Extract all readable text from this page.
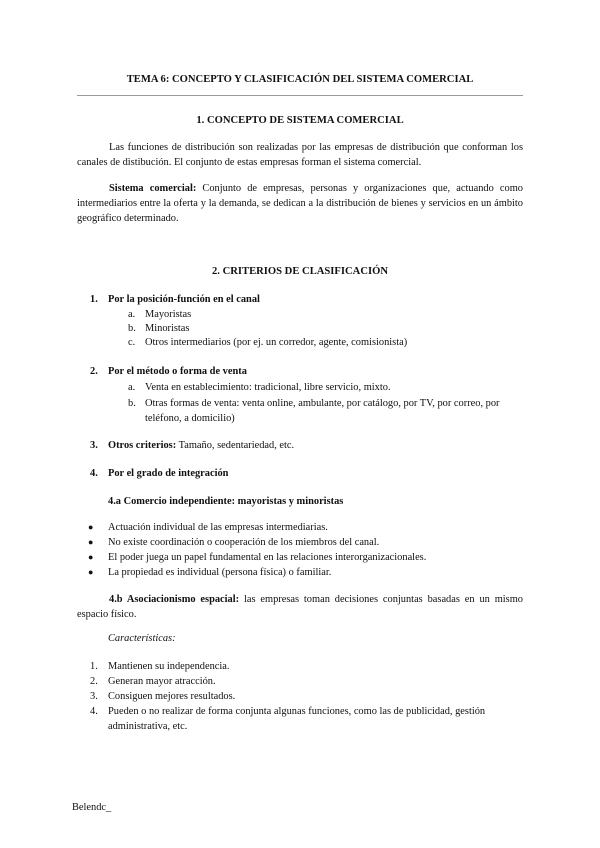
TEMA 6: CONCEPTO Y CLASIFICACIÓN DEL SISTEMA COMERCIAL
1. CONCEPTO DE SISTEMA COMERCIAL
Las funciones de distribución son realizadas por las empresas de distribución que conforman los canales de distibución. El conjunto de estas empresas forman el sistema comercial.
Sistema comercial: Conjunto de empresas, personas y organizaciones que, actuando como intermediarios entre la oferta y la demanda, se dedican a la distribución de bienes y servicios en un ámbito geográfico determinado.
2. CRITERIOS DE CLASIFICACIÓN
1. Por la posición-función en el canal
a. Mayoristas
b. Minoristas
c. Otros intermediarios (por ej. un corredor, agente, comisionista)
2. Por el método o forma de venta
a. Venta en establecimiento: tradicional, libre servicio, mixto.
b. Otras formas de venta: venta online, ambulante, por catálogo, por TV, por correo, por teléfono, a domicilio)
3. Otros criterios: Tamaño, sedentariedad, etc.
4. Por el grado de integración
4.a Comercio independiente: mayoristas y minoristas
●	Actuación individual de las empresas intermediarias.
●	No existe coordinación o cooperación de los miembros del canal.
●	El poder juega un papel fundamental en las relaciones interorganizacionales.
●	La propiedad es individual (persona física) o familiar.
4.b Asociacionismo espacial: las empresas toman decisiones conjuntas basadas en un mismo espacio físico.
Características:
1. Mantienen su independencia.
2. Generan mayor atracción.
3. Consiguen mejores resultados.
4. Pueden o no realizar de forma conjunta algunas funciones, como las de publicidad, gestión administrativa, etc.
Belendc_
